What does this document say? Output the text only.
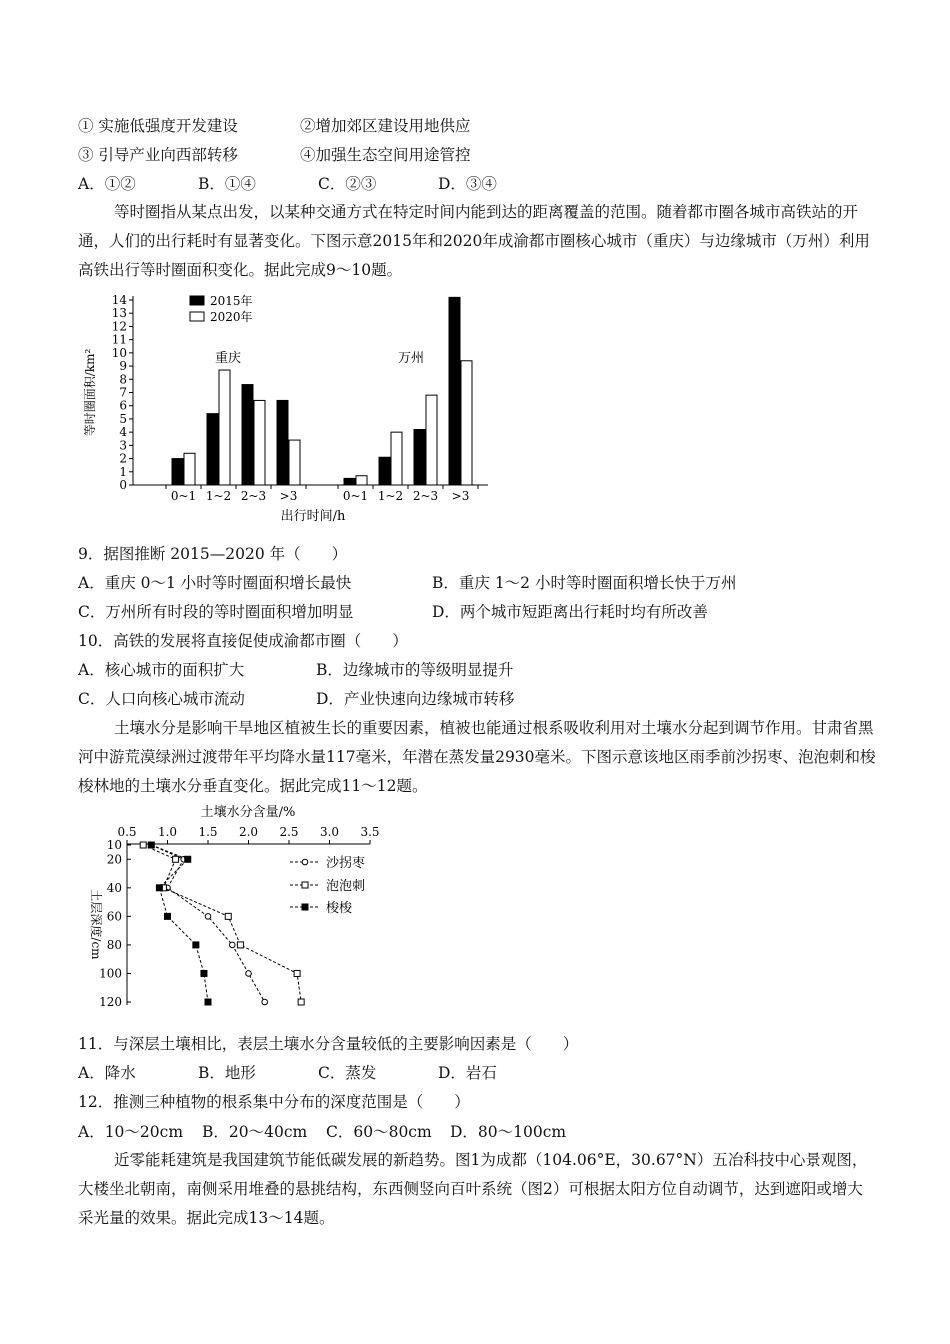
① 实施低强度开发建设	②增加郊区建设用地供应
③ 引导产业向西部转移	④加强生态空间用途管控
A．①②	B．①④	C．②③	D．③④
等时圈指从某点出发，以某种交通方式在特定时间内能到达的距离覆盖的范围。随着都市圈各城市高铁站的开通，人们的出行耗时有显著变化。下图示意2015年和2020年成渝都市圈核心城市（重庆）与边缘城市（万州）利用高铁出行等时圈面积变化。据此完成9～10题。
0
1
2
3
4
5
6
7
8
9
10
11
12
13
14
等时圈面积/km²
0~1 1~2 2~3 >3	0~1 1~2 2~3 >3
重庆	万州
2015年
2020年
出行时间/h
9．据图推断 2015—2020 年（　　）
A．重庆 0～1 小时等时圈面积增长最快	B．重庆 1～2 小时等时圈面积增长快于万州
C．万州所有时段的等时圈面积增加明显	D．两个城市短距离出行耗时均有所改善
10．高铁的发展将直接促使成渝都市圈（　　）
A．核心城市的面积扩大	B．边缘城市的等级明显提升
C．人口向核心城市流动	D．产业快速向边缘城市转移
土壤水分是影响干旱地区植被生长的重要因素，植被也能通过根系吸收利用对土壤水分起到调节作用。甘肃省黑河中游荒漠绿洲过渡带年平均降水量117毫米，年潜在蒸发量2930毫米。下图示意该地区雨季前沙拐枣、泡泡刺和梭梭林地的土壤水分垂直变化。据此完成11～12题。
土壤水分含量/%
0.5 1.0 1.5 2.0 2.5 3.0 3.5
10
20
40
60
80
100
120
土层深度/cm
沙拐枣
泡泡刺
梭梭
11．与深层土壤相比，表层土壤水分含量较低的主要影响因素是（　　）
A．降水	B．地形	C．蒸发	D．岩石
12．推测三种植物的根系集中分布的深度范围是（　　）
A．10～20cm B．20～40cm C．60～80cm D．80～100cm
近零能耗建筑是我国建筑节能低碳发展的新趋势。图1为成都（104.06°E，30.67°N）五冶科技中心景观图，大楼坐北朝南，南侧采用堆叠的悬挑结构，东西侧竖向百叶系统（图2）可根据太阳方位自动调节，达到遮阳或增大采光量的效果。据此完成13～14题。
